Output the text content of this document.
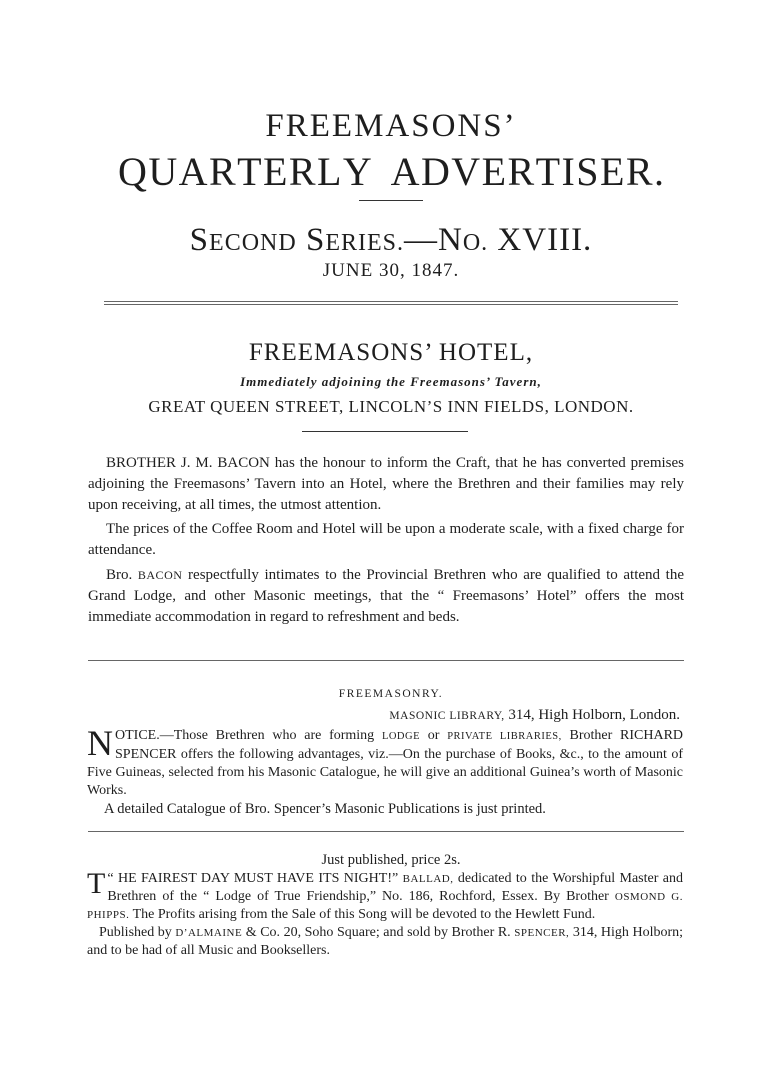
FREEMASONS’
Q U A R T E R L Y
A D V E R T I S E R .
SECOND SERIES.—NO. XVIII.
JUNE 30, 1847.
FREEMASONS’ HOTEL,
Immediately adjoining the Freemasons’ Tavern,
GREAT QUEEN STREET, LINCOLN’S INN FIELDS, LONDON.

BROTHER J. M. BACON has the honour to inform the Craft, that he has converted premises adjoining the Freemasons’ Tavern into an Hotel, where the Brethren and their families may rely upon receiving, at all times, the utmost attention.

The prices of the Coffee Room and Hotel will be upon a moderate scale, with a fixed charge for attendance.

Bro. BACON respectfully intimates to the Provincial Brethren who are qualified to attend the Grand Lodge, and other Masonic meetings, that the “ Freemasons’ Hotel” offers the most immediate accommodation in regard to refreshment and beds.

FREEMASONRY.
MASONIC LIBRARY, 314, High Holborn, London.
NOTICE.—Those Brethren who are forming LODGE or PRIVATE LIBRARIES, Brother RICHARD SPENCER offers the following advantages, viz.—On the purchase of Books, &c., to the amount of Five Guineas, selected from his Masonic Catalogue, he will give an additional Guinea’s worth of Masonic Works.
A detailed Catalogue of Bro. Spencer’s Masonic Publications is just printed.
Just published, price 2s.
“
T HE FAIREST DAY MUST HAVE ITS NIGHT!” BALLAD, dedicated to the Worshipful Master and Brethren of the “ Lodge of True Friendship,” No. 186, Rochford, Essex. By Brother OSMOND G. PHIPPS. The Profits arising from the Sale of this Song will be devoted to the Hewlett Fund.
Published by D’ALMAINE & Co. 20, Soho Square; and sold by Brother R. SPENCER, 314, High Holborn; and to be had of all Music and Booksellers.
